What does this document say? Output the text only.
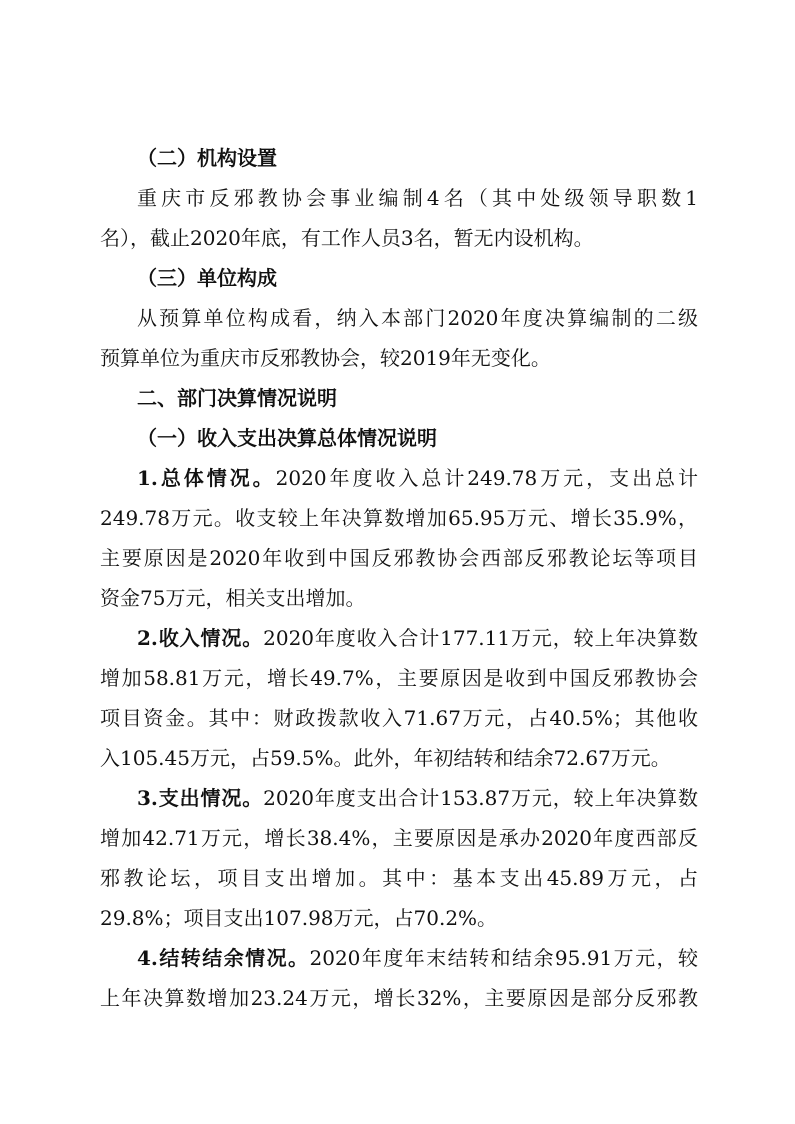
（二）机构设置
重庆市反邪教协会事业编制4名（其中处级领导职数1
名），截止2020年底，有工作人员3名，暂无内设机构。
（三）单位构成
从预算单位构成看，纳入本部门2020年度决算编制的二级
预算单位为重庆市反邪教协会，较2019年无变化。
二、部门决算情况说明
（一）收入支出决算总体情况说明
1.总体情况。2020年度收入总计249.78万元，支出总计
249.78万元。收支较上年决算数增加65.95万元、增长35.9%，
主要原因是2020年收到中国反邪教协会西部反邪教论坛等项目
资金75万元，相关支出增加。
2.收入情况。2020年度收入合计177.11万元，较上年决算数
增加58.81万元，增长49.7%，主要原因是收到中国反邪教协会
项目资金。其中：财政拨款收入71.67万元，占40.5%；其他收
入105.45万元，占59.5%。此外，年初结转和结余72.67万元。
3.支出情况。2020年度支出合计153.87万元，较上年决算数
增加42.71万元，增长38.4%，主要原因是承办2020年度西部反
邪教论坛，项目支出增加。其中：基本支出45.89万元，占
29.8%；项目支出107.98万元，占70.2%。
4.结转结余情况。2020年度年末结转和结余95.91万元，较
上年决算数增加23.24万元，增长32%，主要原因是部分反邪教
